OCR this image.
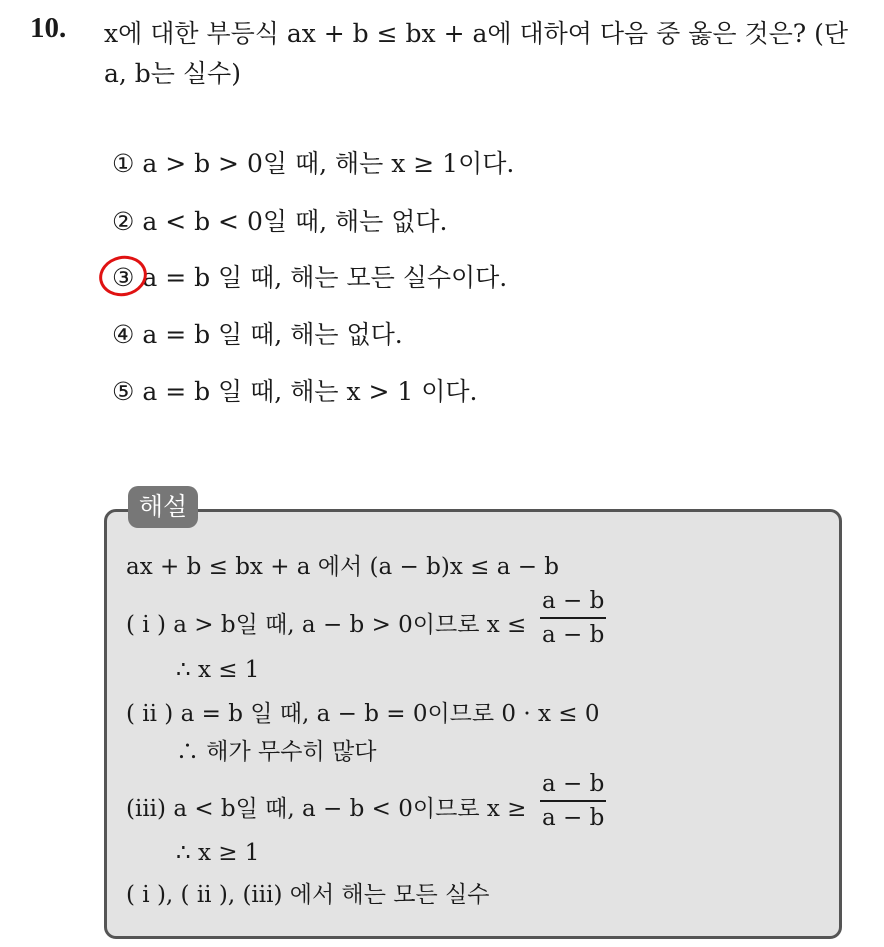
10. x에 대한 부등식 ax + b ≤ bx + a에 대하여 다음 중 옳은 것은? (단
a, b는 실수)
① a > b > 0일 때, 해는 x ≥ 1이다.
② a < b < 0일 때, 해는 없다.
③ a = b 일 때, 해는 모든 실수이다.
④ a = b 일 때, 해는 없다.
⑤ a = b 일 때, 해는 x > 1 이다.
해설
ax + b ≤ bx + a 에서 (a − b)x ≤ a − b
( i ) a > b일 때, a − b > 0이므로 x ≤
a − b
a − b
∴ x ≤ 1
( ii ) a = b 일 때, a − b = 0이므로 0 · x ≤ 0
∴ 해가 무수히 많다
(iii) a < b일 때, a − b < 0이므로 x ≥
a − b
a − b
∴ x ≥ 1
( i ), ( ii ), (iii) 에서 해는 모든 실수
